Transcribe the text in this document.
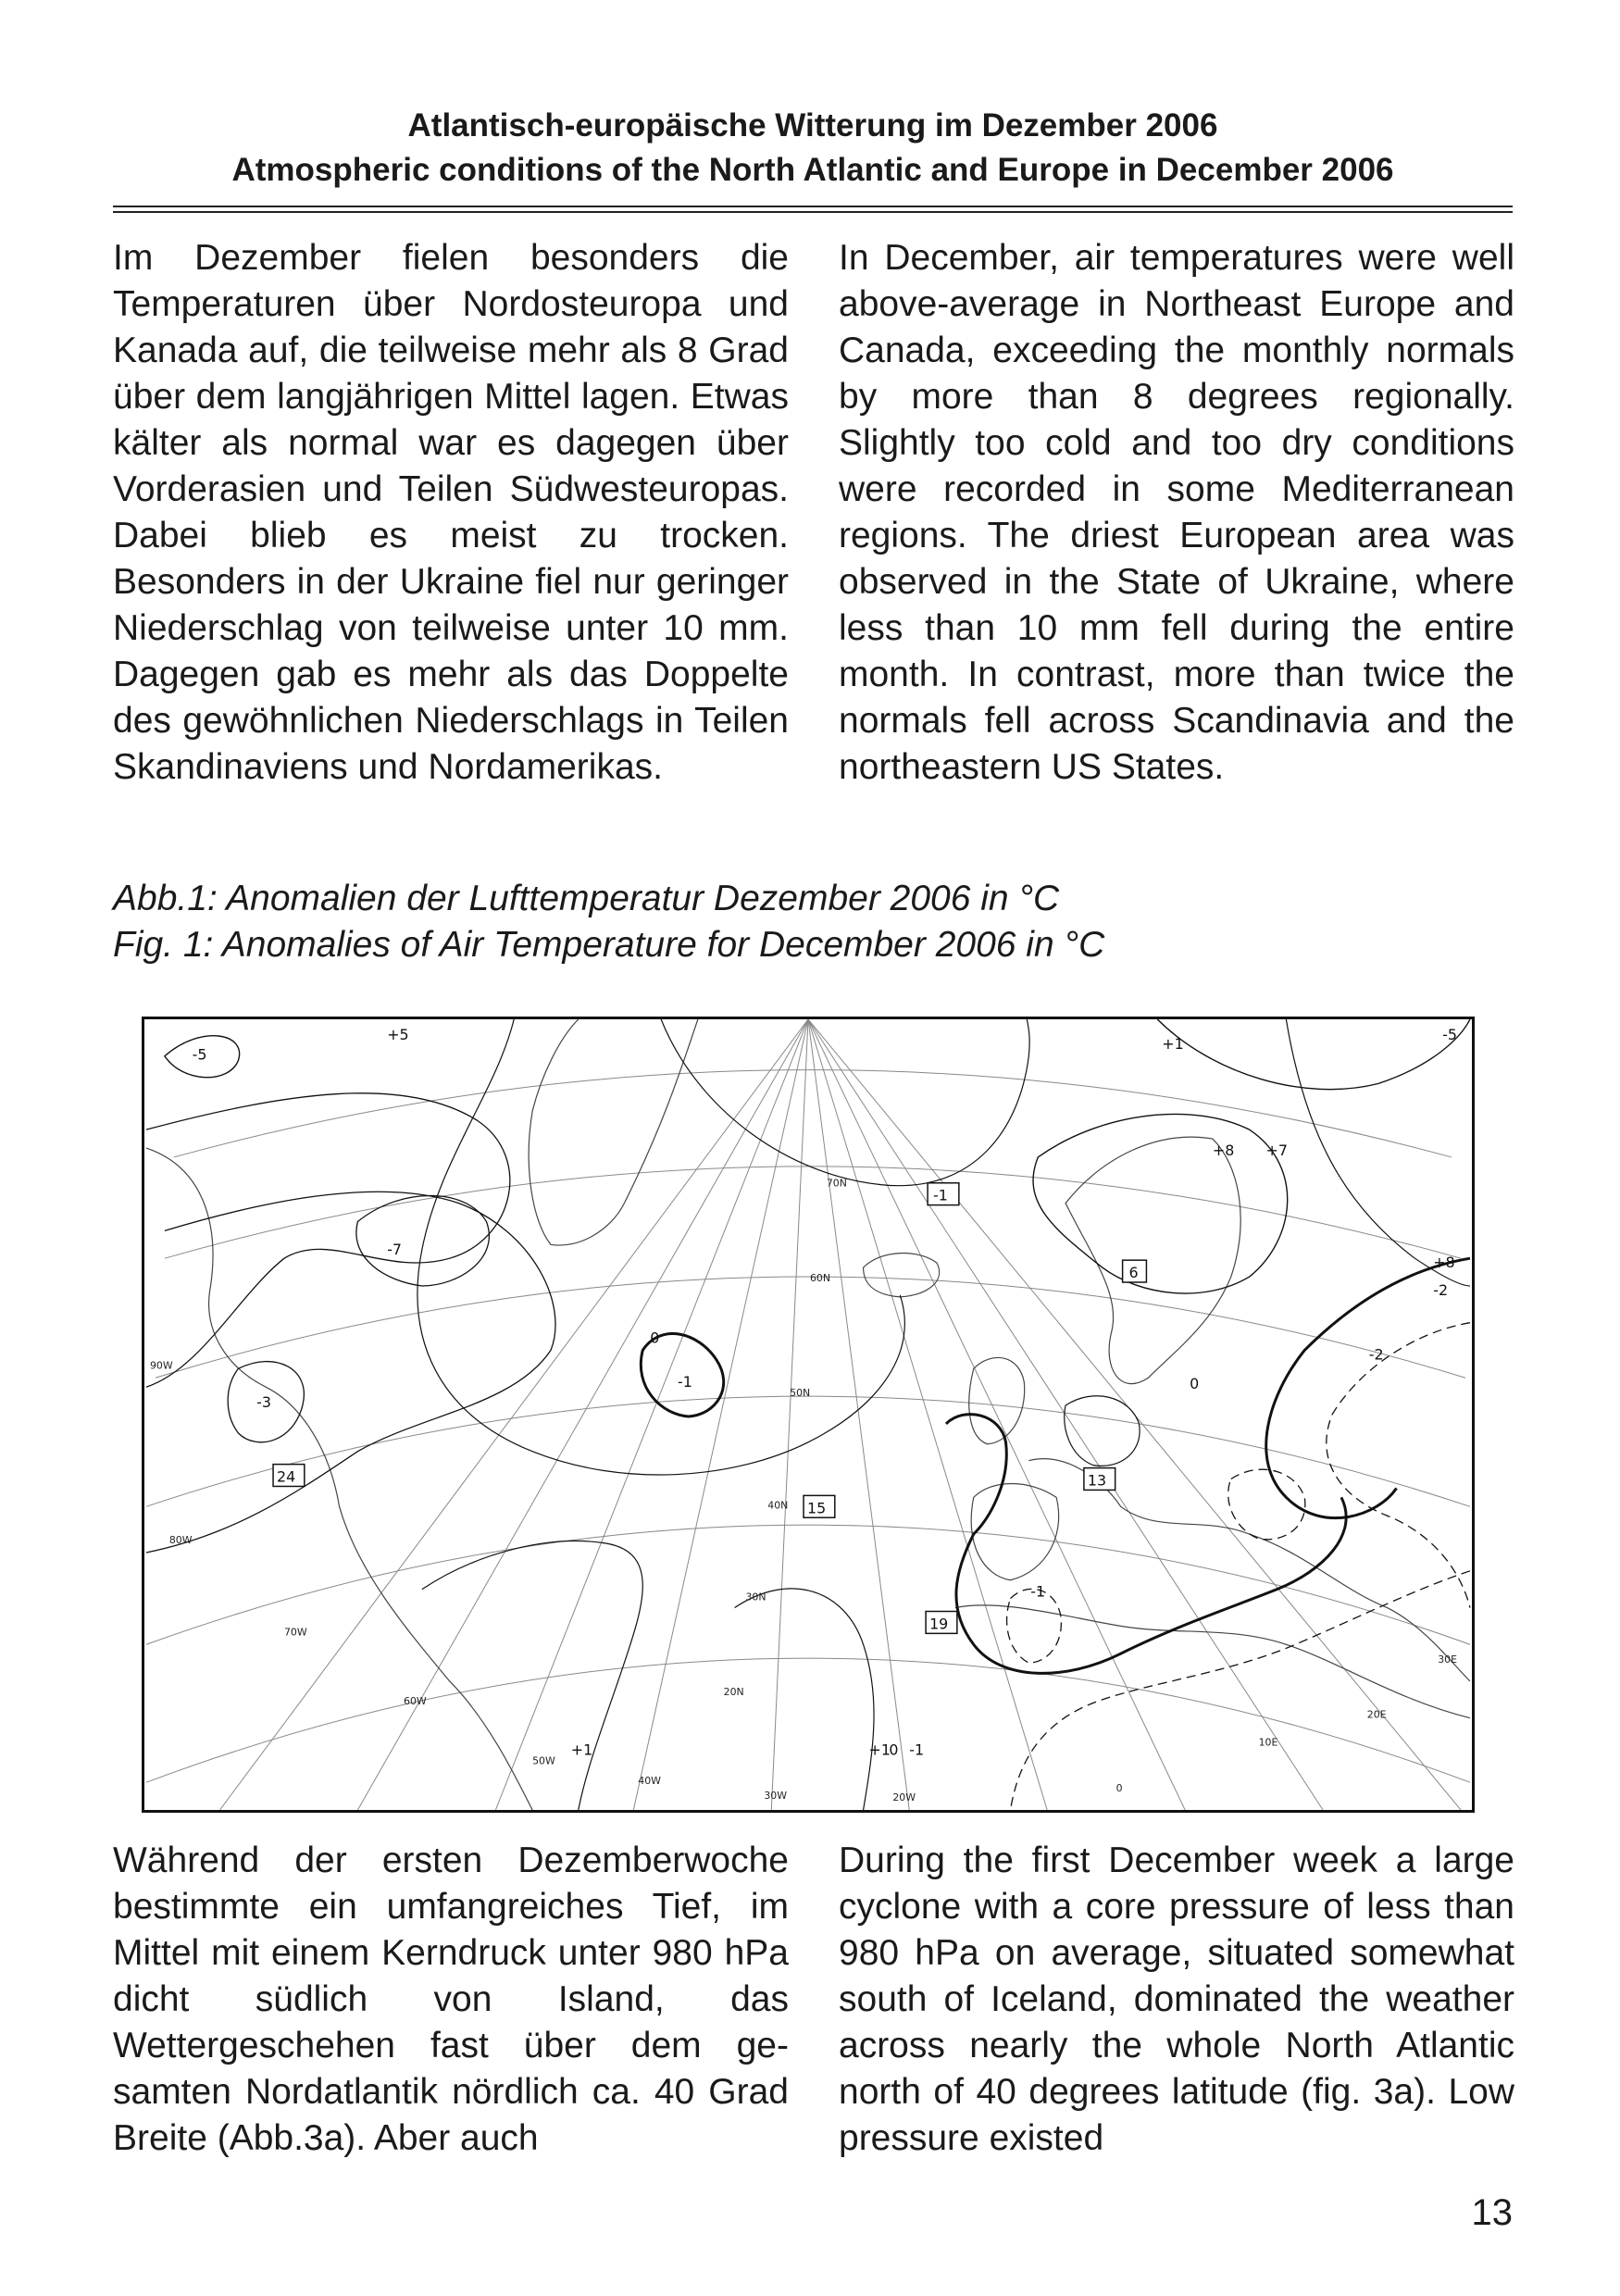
Atlantisch-europäische Witterung im Dezember 2006
Atmospheric conditions of the North Atlantic and Europe in December 2006
Im Dezember fielen besonders die Temperaturen über Nordosteuropa und Kanada auf, die teilweise mehr als 8 Grad über dem langjährigen Mittel lagen. Etwas kälter als normal war es dagegen über Vorderasien und Teilen Südwesteuropas. Dabei blieb es meist zu trocken. Besonders in der Ukraine fiel nur geringer Niederschlag von teilweise unter 10 mm. Dagegen gab es mehr als das Doppelte des gewöhnlichen Niederschlags in Teilen Skandinaviens und Nordamerikas.
In December, air temperatures were well above-average in Northeast Europe and Canada, exceeding the monthly normals by more than 8 degrees regionally. Slightly too cold and too dry conditions were recorded in some Mediterranean regions. The driest European area was observed in the State of Ukraine, where less than 10 mm fell during the entire month. In contrast, more than twice the normals fell across Scandinavia and the northeastern US States.
Abb.1: Anomalien der Lufttemperatur Dezember 2006 in °C
Fig. 1: Anomalies of Air Temperature for December 2006 in °C
70N
60N
50N
40N
30N
20N
90W
80W
70W
60W
50W
40W
30W	20W
0
10E
20E
30E
24
15
19
-1
6
13
-5
+5
-7
-3
0
-1
+1	+1
0 -1
+1
+8 +7
+8
-2
-2
-1
0
-5
Während der ersten Dezemberwoche bestimmte ein umfangreiches Tief, im Mittel mit einem Kerndruck unter 980 hPa dicht südlich von Island, das Wettergeschehen fast über dem gesamten Nordatlantik nördlich ca. 40 Grad Breite (Abb.3a). Aber auch
During the first December week a large cyclone with a core pressure of less than 980 hPa on average, situated somewhat south of Iceland, dominated the weather across nearly the whole North Atlantic north of 40 degrees latitude (fig. 3a). Low pressure existed
13
